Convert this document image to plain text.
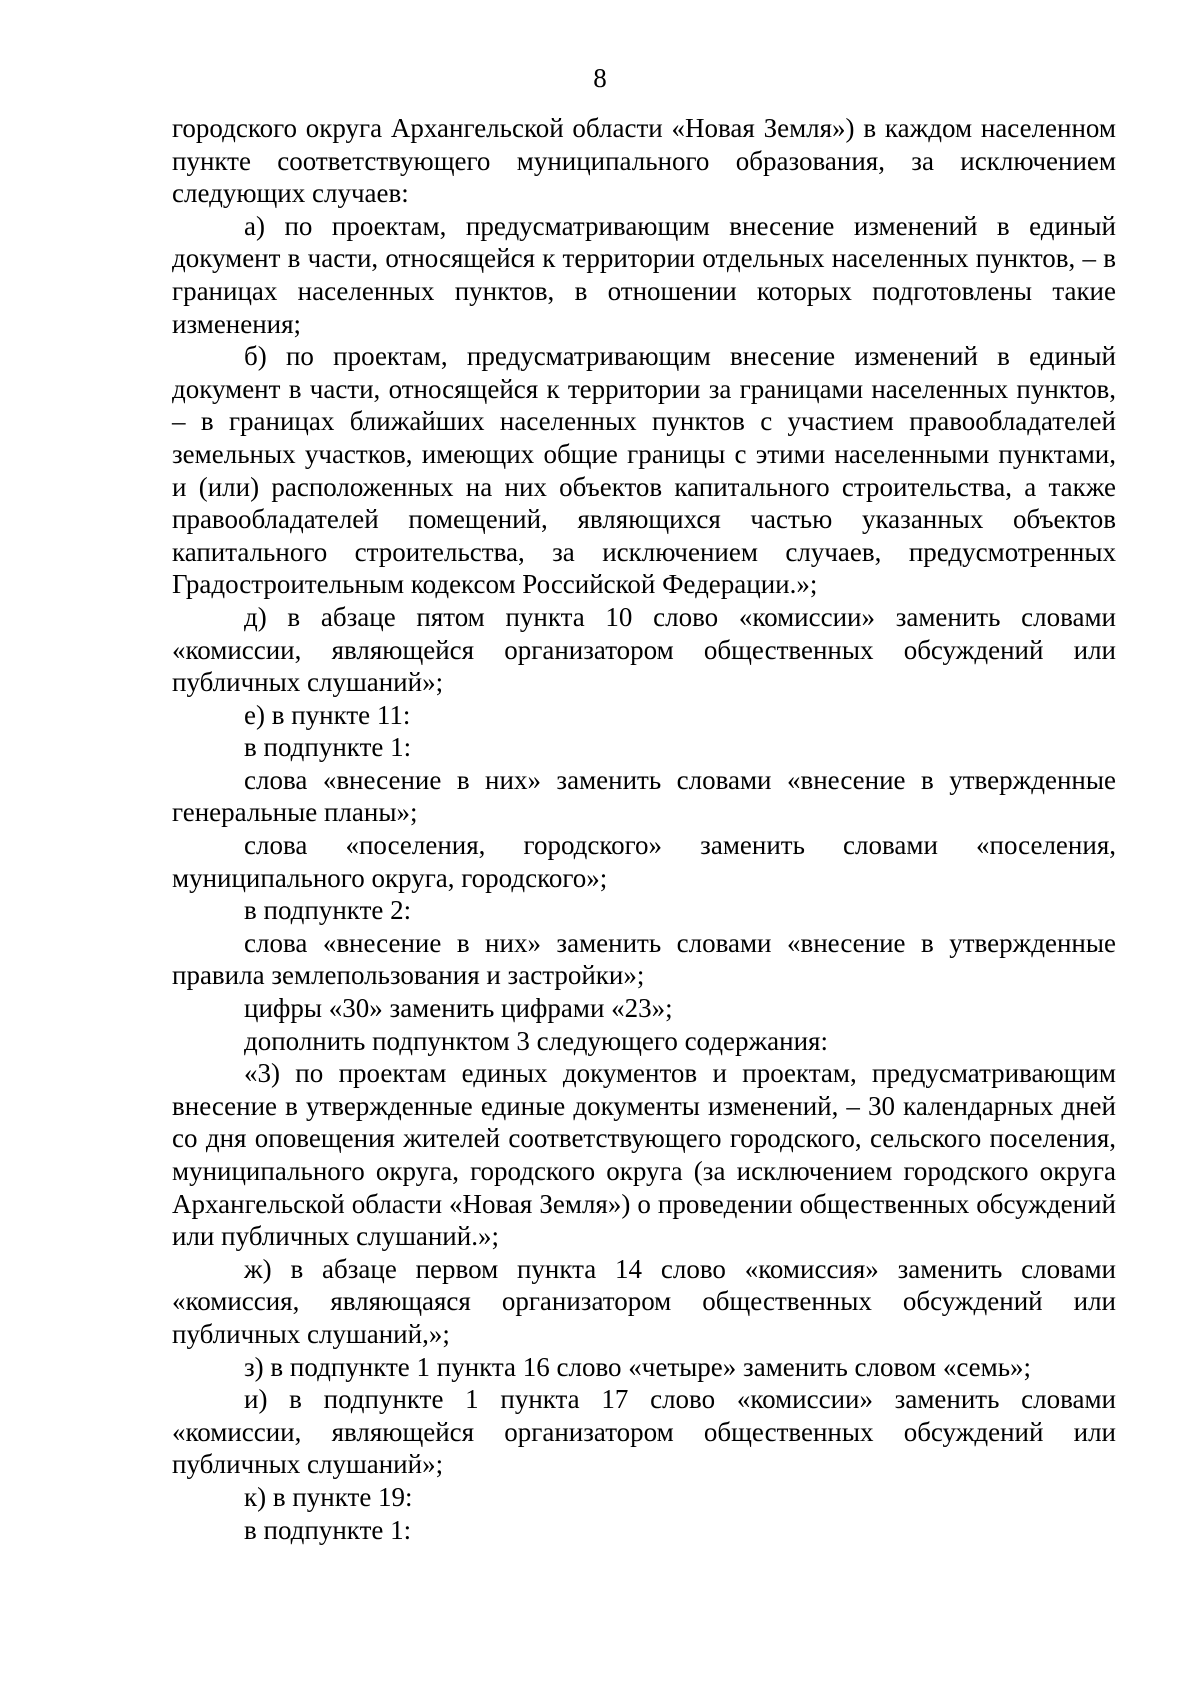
8

городского округа Архангельской области «Новая Земля») в каждом населенном пункте соответствующего муниципального образования, за исключением следующих случаев:

а) по проектам, предусматривающим внесение изменений в единый документ в части, относящейся к территории отдельных населенных пунктов, – в границах населенных пунктов, в отношении которых подготовлены такие изменения;

б) по проектам, предусматривающим внесение изменений в единый документ в части, относящейся к территории за границами населенных пунктов, – в границах ближайших населенных пунктов с участием правообладателей земельных участков, имеющих общие границы с этими населенными пунктами, и (или) расположенных на них объектов капитального строительства, а также правообладателей помещений, являющихся частью указанных объектов капитального строительства, за исключением случаев, предусмотренных Градостроительным кодексом Российской Федерации.»;

д) в абзаце пятом пункта 10 слово «комиссии» заменить словами «комиссии, являющейся организатором общественных обсуждений или публичных слушаний»;

е) в пункте 11:

в подпункте 1:

слова «внесение в них» заменить словами «внесение в утвержденные генеральные планы»;

слова «поселения, городского» заменить словами «поселения, муниципального округа, городского»;

в подпункте 2:

слова «внесение в них» заменить словами «внесение в утвержденные правила землепользования и застройки»;

цифры «30» заменить цифрами «23»;

дополнить подпунктом 3 следующего содержания:

«3) по проектам единых документов и проектам, предусматривающим внесение в утвержденные единые документы изменений, – 30 календарных дней со дня оповещения жителей соответствующего городского, сельского поселения, муниципального округа, городского округа (за исключением городского округа Архангельской области «Новая Земля») о проведении общественных обсуждений или публичных слушаний.»;

ж) в абзаце первом пункта 14 слово «комиссия» заменить словами «комиссия, являющаяся организатором общественных обсуждений или публичных слушаний,»;

з) в подпункте 1 пункта 16 слово «четыре» заменить словом «семь»;

и) в подпункте 1 пункта 17 слово «комиссии» заменить словами «комиссии, являющейся организатором общественных обсуждений или публичных слушаний»;

к) в пункте 19:

в подпункте 1:
